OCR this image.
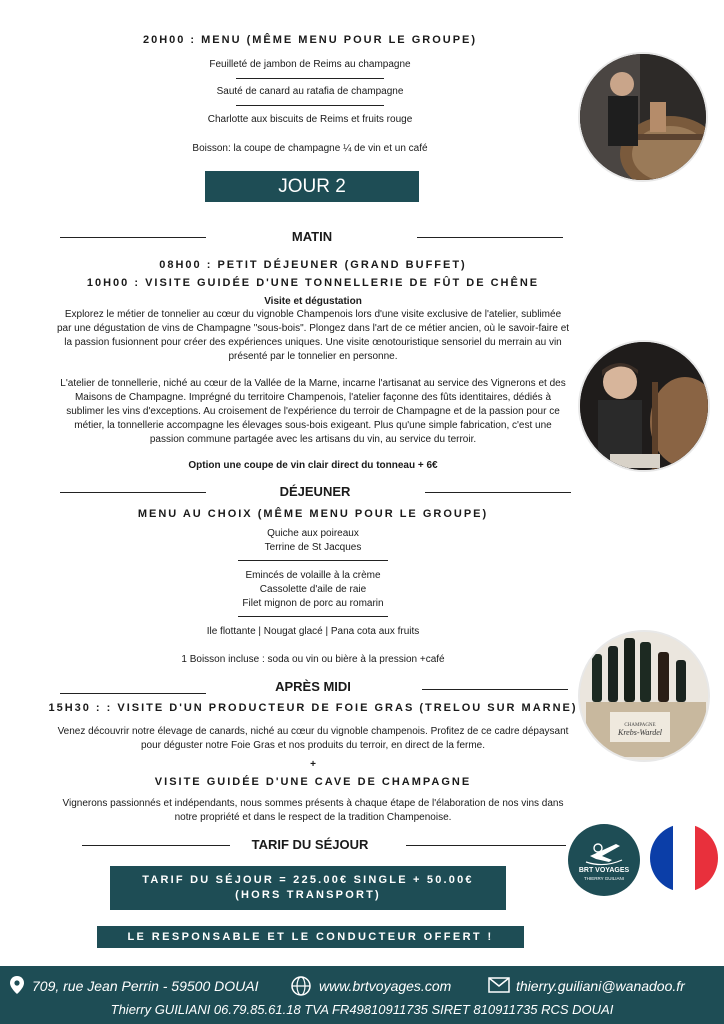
20H00 : MENU (MÊME MENU POUR LE GROUPE)
Feuilleté de jambon de Reims au champagne
Sauté de canard au ratafia de champagne
Charlotte aux biscuits de Reims et fruits rouge
Boisson: la coupe de champagne ¼ de vin et un café
JOUR 2
MATIN
08H00 : PETIT DÉJEUNER (GRAND BUFFET)
10H00 : VISITE GUIDÉE D'UNE TONNELLERIE DE FÛT DE CHÊNE
Visite et dégustation
Explorez le métier de tonnelier au cœur du vignoble Champenois lors d'une visite exclusive de l'atelier, sublimée
par une dégustation de vins de Champagne "sous-bois". Plongez dans l'art de ce métier ancien, où le savoir-faire et
la passion fusionnent pour créer des expériences uniques. Une visite œnotouristique sensoriel du merrain au vin
présenté par le tonnelier en personne.
L'atelier de tonnellerie, niché au cœur de la Vallée de la Marne, incarne l'artisanat au service des Vignerons et des
Maisons de Champagne. Imprégné du territoire Champenois, l'atelier façonne des fûts identitaires, dédiés à
sublimer les vins d'exceptions. Au croisement de l'expérience du terroir de Champagne et de la passion pour ce
métier, la tonnellerie accompagne les élevages sous-bois exigeant. Plus qu'une simple fabrication, c'est une
passion commune partagée avec les artisans du vin, au service du terroir.
Option une coupe de vin clair direct du tonneau + 6€
DÉJEUNER
MENU AU CHOIX (MÊME MENU POUR LE GROUPE)
Quiche aux poireaux
Terrine de St Jacques
Emincés de volaille à la crème
Cassolette d'aile de raie
Filet mignon de porc au romarin
Ile flottante | Nougat glacé | Pana cota aux fruits
1 Boisson incluse : soda ou vin ou bière à la pression +café
CHAMPAGNE
Krebs-Wardel
APRÈS MIDI
15H30 : : VISITE D'UN PRODUCTEUR DE FOIE GRAS (TRELOU SUR MARNE)
Venez découvrir notre élevage de canards, niché au cœur du vignoble champenois. Profitez de ce cadre dépaysant
pour déguster notre Foie Gras et nos produits du terroir, en direct de la ferme.
+
VISITE GUIDÉE D'UNE CAVE DE CHAMPAGNE
Vignerons passionnés et indépendants, nous sommes présents à chaque étape de l'élaboration de nos vins dans
notre propriété et dans le respect de la tradition Champenoise.
TARIF DU SÉJOUR
TARIF DU SÉJOUR = 225.00€ SINGLE + 50.00€
(HORS TRANSPORT)
LE RESPONSABLE ET LE CONDUCTEUR OFFERT !
BRT VOYAGES
THIERRY GUILIANI
709, rue Jean Perrin - 59500 DOUAI	www.brtvoyages.com	thierry.guiliani@wanadoo.fr
Thierry GUILIANI 06.79.85.61.18 TVA FR49810911735 SIRET 810911735 RCS DOUAI
